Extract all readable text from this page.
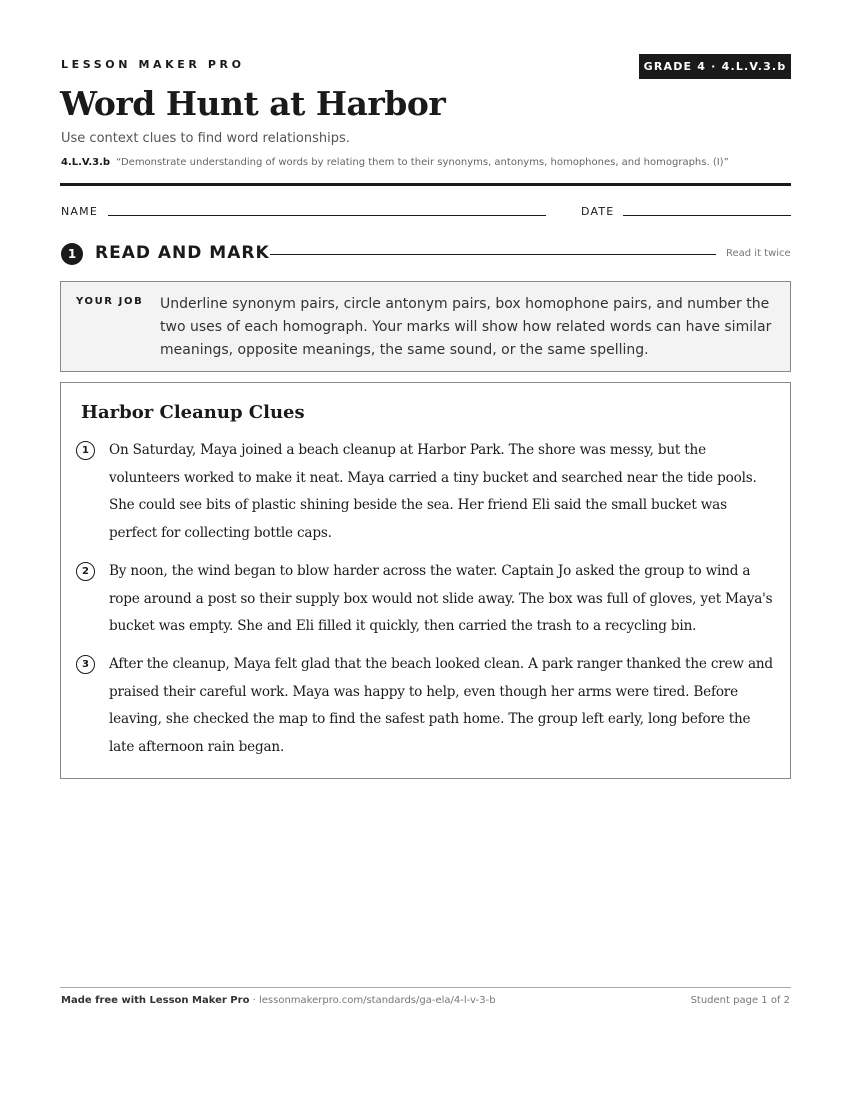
LESSON MAKER PRO	GRADE 4 · 4.L.V.3.b
Word Hunt at Harbor
Use context clues to find word relationships.
4.L.V.3.b “Demonstrate understanding of words by relating them to their synonyms, antonyms, homophones, and homographs. (I)”
NAME	DATE
1	READ AND MARK	Read it twice
YOUR JOB Underline synonym pairs, circle antonym pairs, box homophone pairs, and number the two uses of each homograph. Your marks will show how related words can have similar meanings, opposite meanings, the same sound, or the same spelling.
Harbor Cleanup Clues
1	On Saturday, Maya joined a beach cleanup at Harbor Park. The shore was messy, but the volunteers worked to make it neat. Maya carried a tiny bucket and searched near the tide pools. She could see bits of plastic shining beside the sea. Her friend Eli said the small bucket was perfect for collecting bottle caps.
2	By noon, the wind began to blow harder across the water. Captain Jo asked the group to wind a rope around a post so their supply box would not slide away. The box was full of gloves, yet Maya's bucket was empty. She and Eli filled it quickly, then carried the trash to a recycling bin.
3	After the cleanup, Maya felt glad that the beach looked clean. A park ranger thanked the crew and praised their careful work. Maya was happy to help, even though her arms were tired. Before leaving, she checked the map to find the safest path home. The group left early, long before the late afternoon rain began.
Made free with Lesson Maker Pro · lessonmakerpro.com/standards/ga-ela/4-l-v-3-b	Student page 1 of 2
